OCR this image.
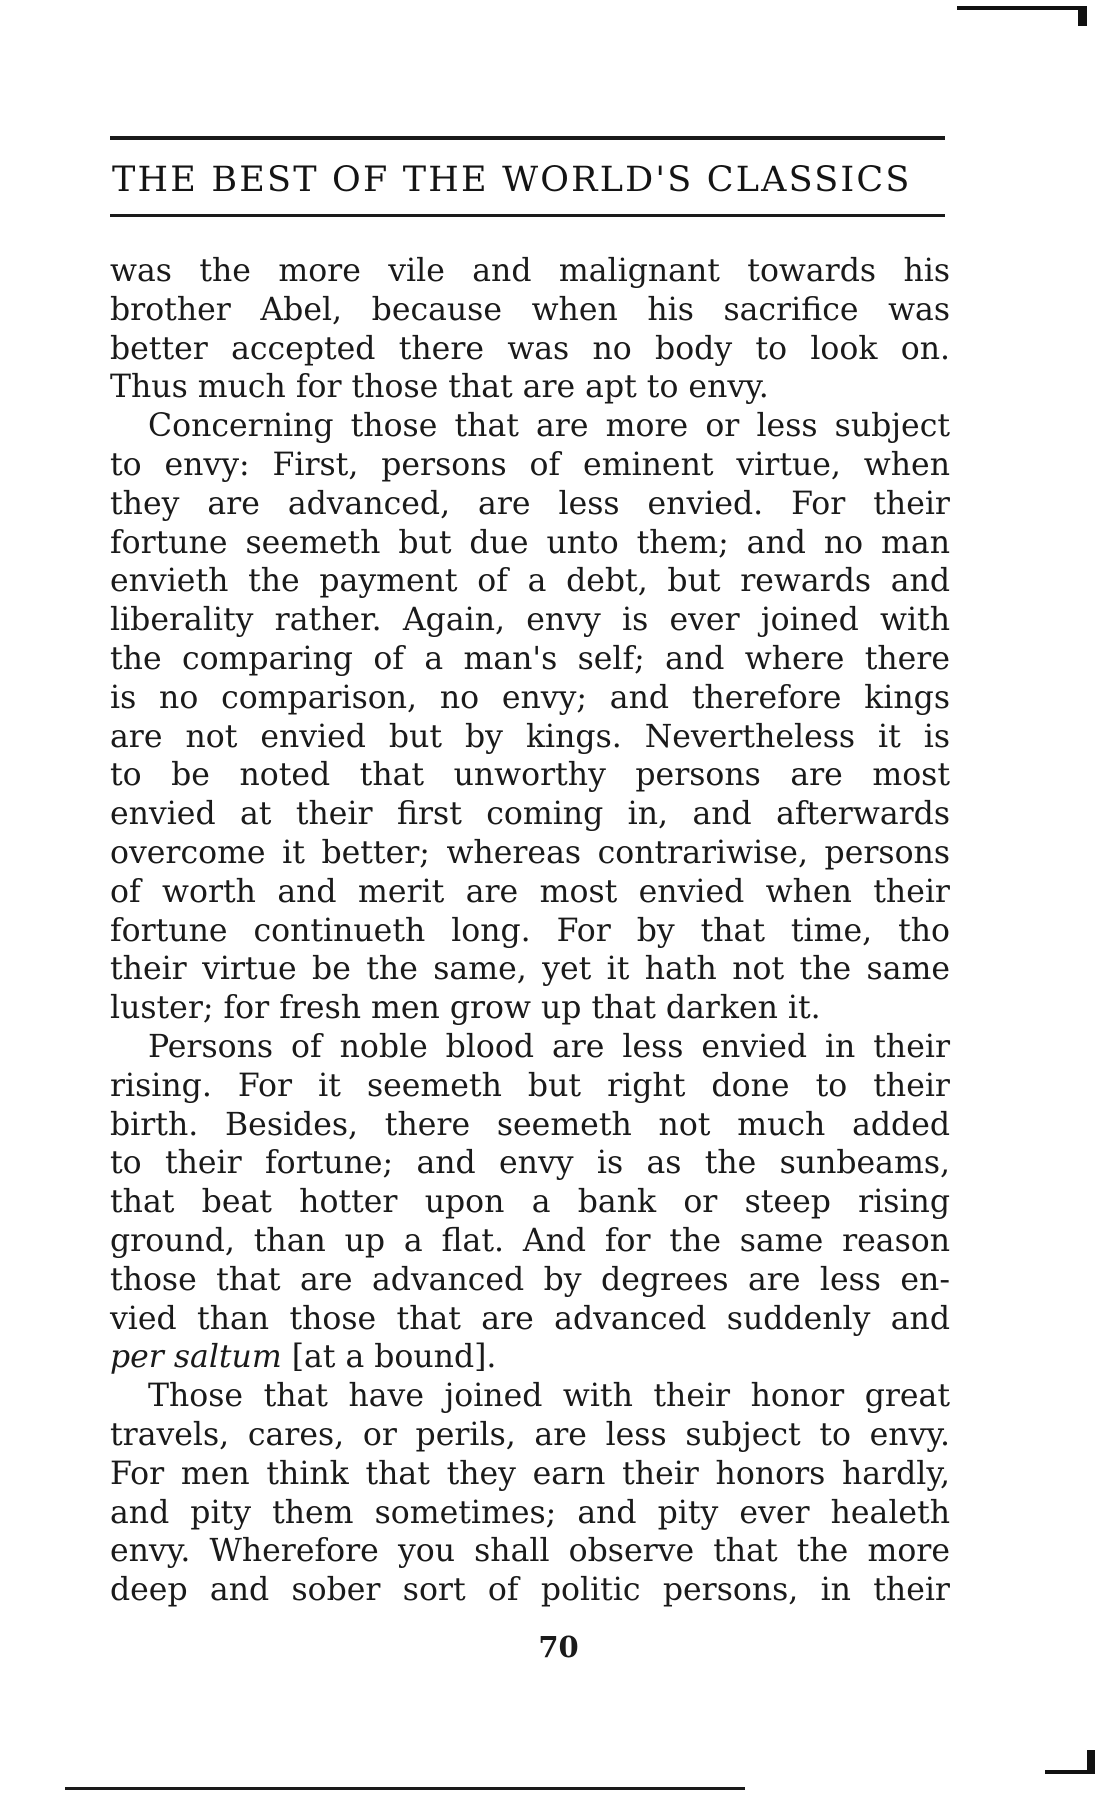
THE BEST OF THE WORLD'S CLASSICS
was the more vile and malignant towards his
brother Abel, because when his sacrifice was
better accepted there was no body to look on.
Thus much for those that are apt to envy.
Concerning those that are more or less subject
to envy: First, persons of eminent virtue, when
they are advanced, are less envied. For their
fortune seemeth but due unto them; and no man
envieth the payment of a debt, but rewards and
liberality rather. Again, envy is ever joined with
the comparing of a man's self; and where there
is no comparison, no envy; and therefore kings
are not envied but by kings. Nevertheless it is
to be noted that unworthy persons are most
envied at their first coming in, and afterwards
overcome it better; whereas contrariwise, persons
of worth and merit are most envied when their
fortune continueth long. For by that time, tho
their virtue be the same, yet it hath not the same
luster; for fresh men grow up that darken it.
Persons of noble blood are less envied in their
rising. For it seemeth but right done to their
birth. Besides, there seemeth not much added
to their fortune; and envy is as the sunbeams,
that beat hotter upon a bank or steep rising
ground, than up a flat. And for the same reason
those that are advanced by degrees are less en-
vied than those that are advanced suddenly and
per saltum [at a bound].
Those that have joined with their honor great
travels, cares, or perils, are less subject to envy.
For men think that they earn their honors hardly,
and pity them sometimes; and pity ever healeth
envy. Wherefore you shall observe that the more
deep and sober sort of politic persons, in their
70
